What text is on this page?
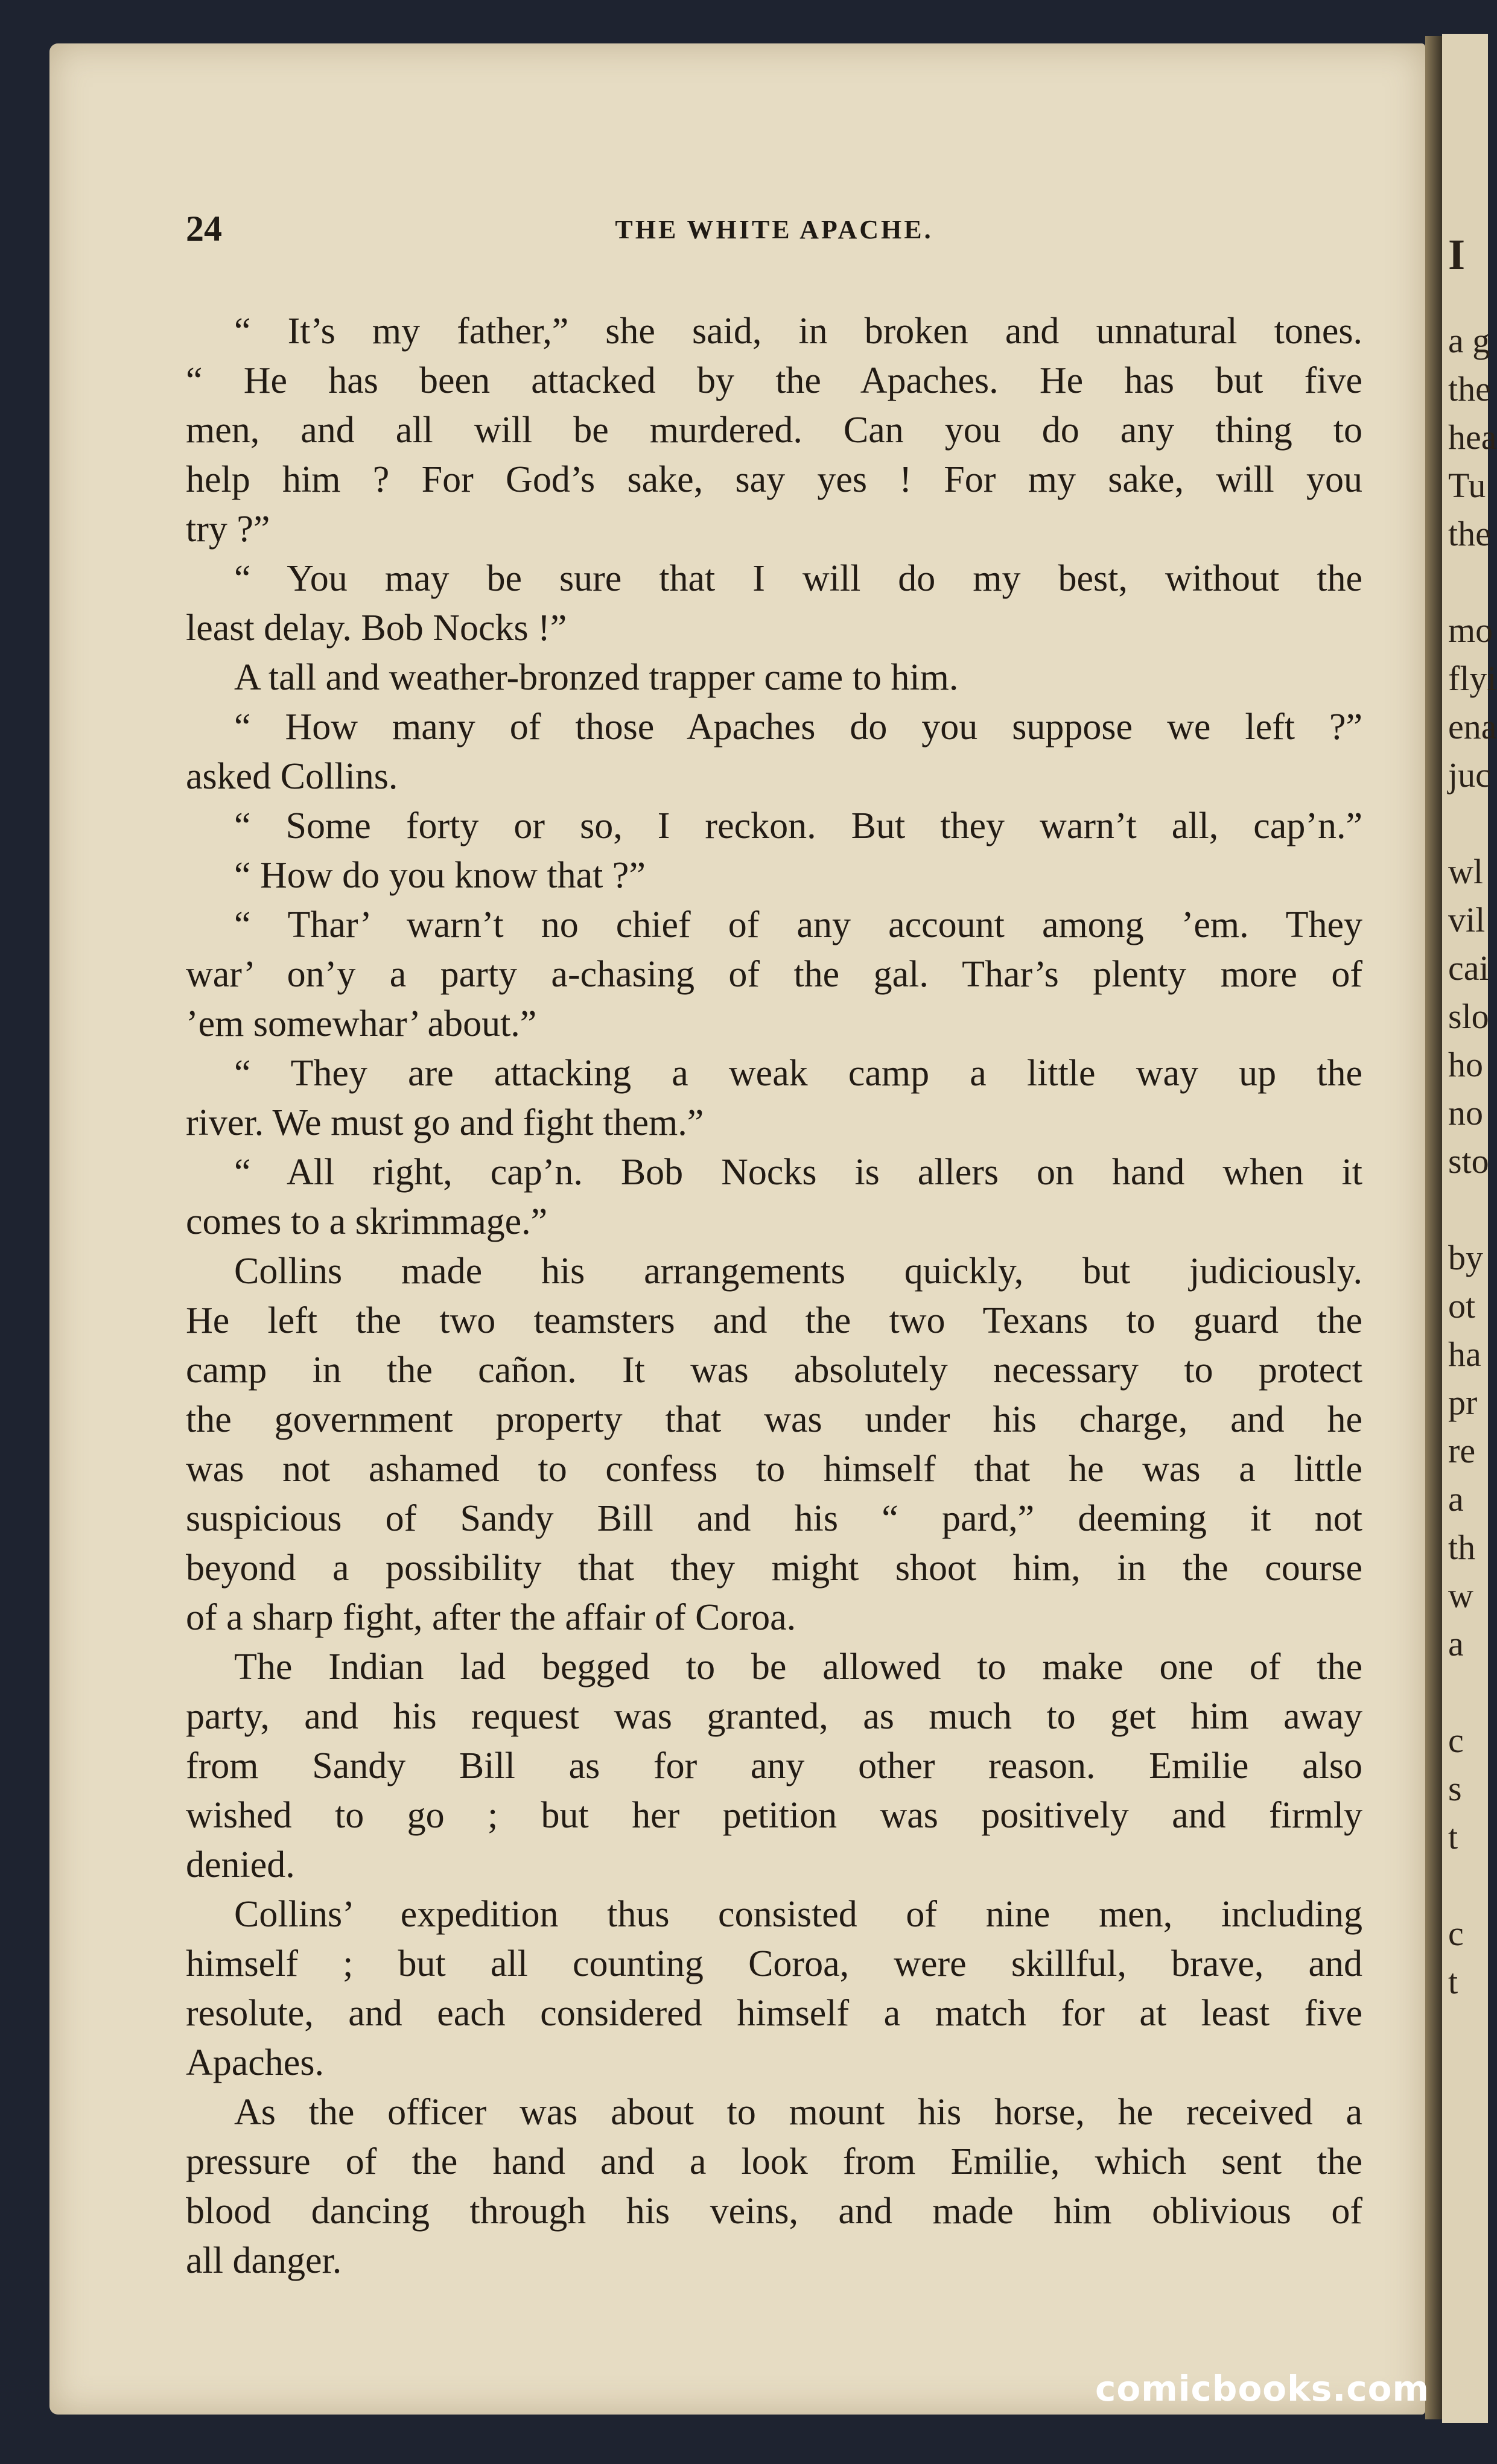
I
a g
the
hea
Tu
the
mo
flyi
ena
juc
wl
vil
cai
slo
ho
no
sto
by
ot
ha
pr
re
a
th
w
a
c
s
t
c
t
24	THE WHITE APACHE.
“ It’s my father,” she said, in broken and unnatural tones.
“ He has been attacked by the Apaches. He has but five
men, and all will be murdered. Can you do any thing to
help him ? For God’s sake, say yes ! For my sake, will you
try ?”
“ You may be sure that I will do my best, without the
least delay. Bob Nocks !”
A tall and weather-bronzed trapper came to him.
“ How many of those Apaches do you suppose we left ?”
asked Collins.
“ Some forty or so, I reckon. But they warn’t all, cap’n.”
“ How do you know that ?”
“ Thar’ warn’t no chief of any account among ’em. They
war’ on’y a party a-chasing of the gal. Thar’s plenty more of
’em somewhar’ about.”
“ They are attacking a weak camp a little way up the
river. We must go and fight them.”
“ All right, cap’n. Bob Nocks is allers on hand when it
comes to a skrimmage.”
Collins made his arrangements quickly, but judiciously.
He left the two teamsters and the two Texans to guard the
camp in the cañon. It was absolutely necessary to protect
the government property that was under his charge, and he
was not ashamed to confess to himself that he was a little
suspicious of Sandy Bill and his “ pard,” deeming it not
beyond a possibility that they might shoot him, in the course
of a sharp fight, after the affair of Coroa.
The Indian lad begged to be allowed to make one of the
party, and his request was granted, as much to get him away
from Sandy Bill as for any other reason. Emilie also
wished to go ; but her petition was positively and firmly
denied.
Collins’ expedition thus consisted of nine men, including
himself ; but all counting Coroa, were skillful, brave, and
resolute, and each considered himself a match for at least five
Apaches.
As the officer was about to mount his horse, he received a
pressure of the hand and a look from Emilie, which sent the
blood dancing through his veins, and made him oblivious of
all danger.
comicbooks.com
